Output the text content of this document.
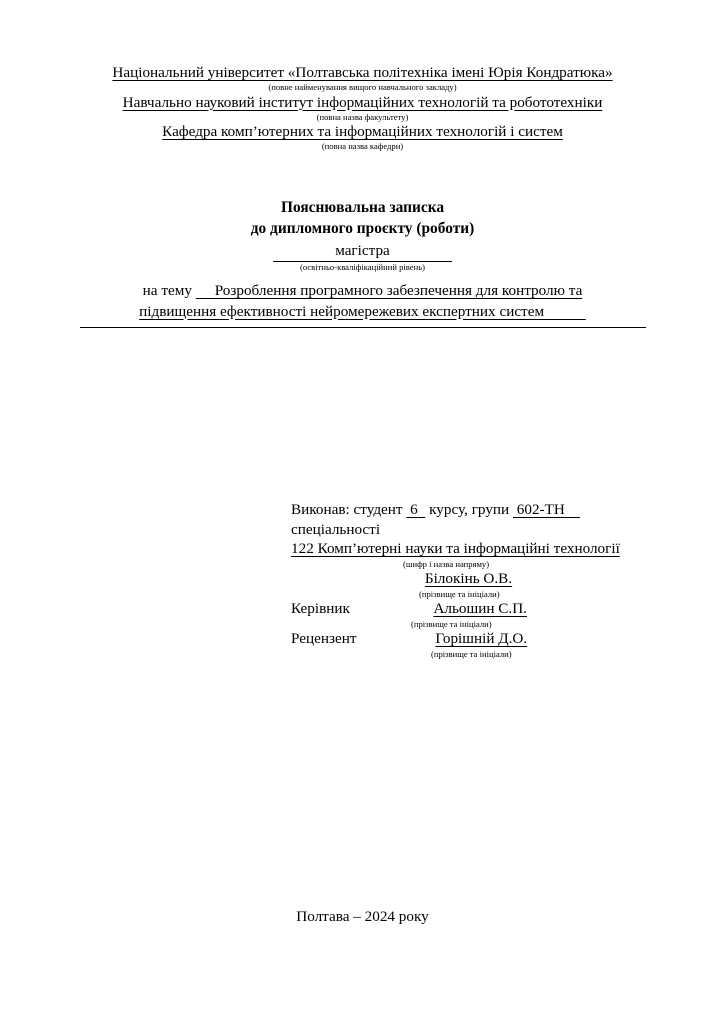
Національний університет «Полтавська політехніка імені Юрія Кондратюка»
(повне найменування вищого навчального закладу)
Навчально науковий інститут інформаційних технологій та робототехніки
(повна назва факультету)
Кафедра комп’ютерних та інформаційних технологій і систем
(повна назва кафедри)
Пояснювальна записка
до дипломного проєкту (роботи)
магістра
(освітньо-кваліфікаційний рівень)
на тему Розроблення програмного забезпечення для контролю та
підвищення ефективності нейромережевих експертних систем
Виконав: студент 6 курсу, групи 602-ТН
спеціальності
122 Комп’ютерні науки та інформаційні технології
(шифр і назва напряму)
Білокінь О.В.
(прізвище та ініціали)
Керівник	Альошин С.П.
(прізвище та ініціали)
Рецензент	Горішній Д.О.
(прізвище та ініціали)
Полтава – 2024 року
